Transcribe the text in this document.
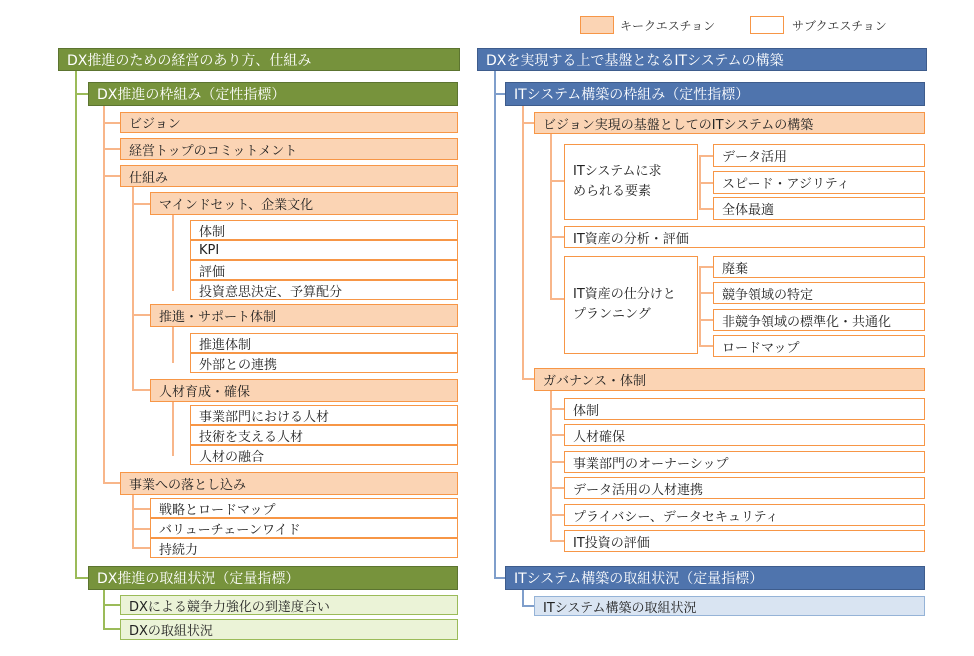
キークエスチョン	サブクエスチョン
DX推進のための経営のあり方、仕組み
DX推進の枠組み（定性指標）
ビジョン
経営トップのコミットメント
仕組み
マインドセット、企業文化
体制
KPI
評価
投資意思決定、予算配分
推進・サポート体制
推進体制
外部との連携
人材育成・確保
事業部門における人材
技術を支える人材
人材の融合
事業への落とし込み
戦略とロードマップ
バリューチェーンワイド
持続力
DX推進の取組状況（定量指標）
DXによる競争力強化の到達度合い
DXの取組状況
DXを実現する上で基盤となるITシステムの構築
ITシステム構築の枠組み（定性指標）
ビジョン実現の基盤としてのITシステムの構築
ITシステムに求められる要素
データ活用
スピード・アジリティ
全体最適
IT資産の分析・評価
IT資産の仕分けとプランニング
廃棄
競争領域の特定
非競争領域の標準化・共通化
ロードマップ
ガバナンス・体制
体制
人材確保
事業部門のオーナーシップ
データ活用の人材連携
プライバシー、データセキュリティ
IT投資の評価
ITシステム構築の取組状況（定量指標）
ITシステム構築の取組状況
